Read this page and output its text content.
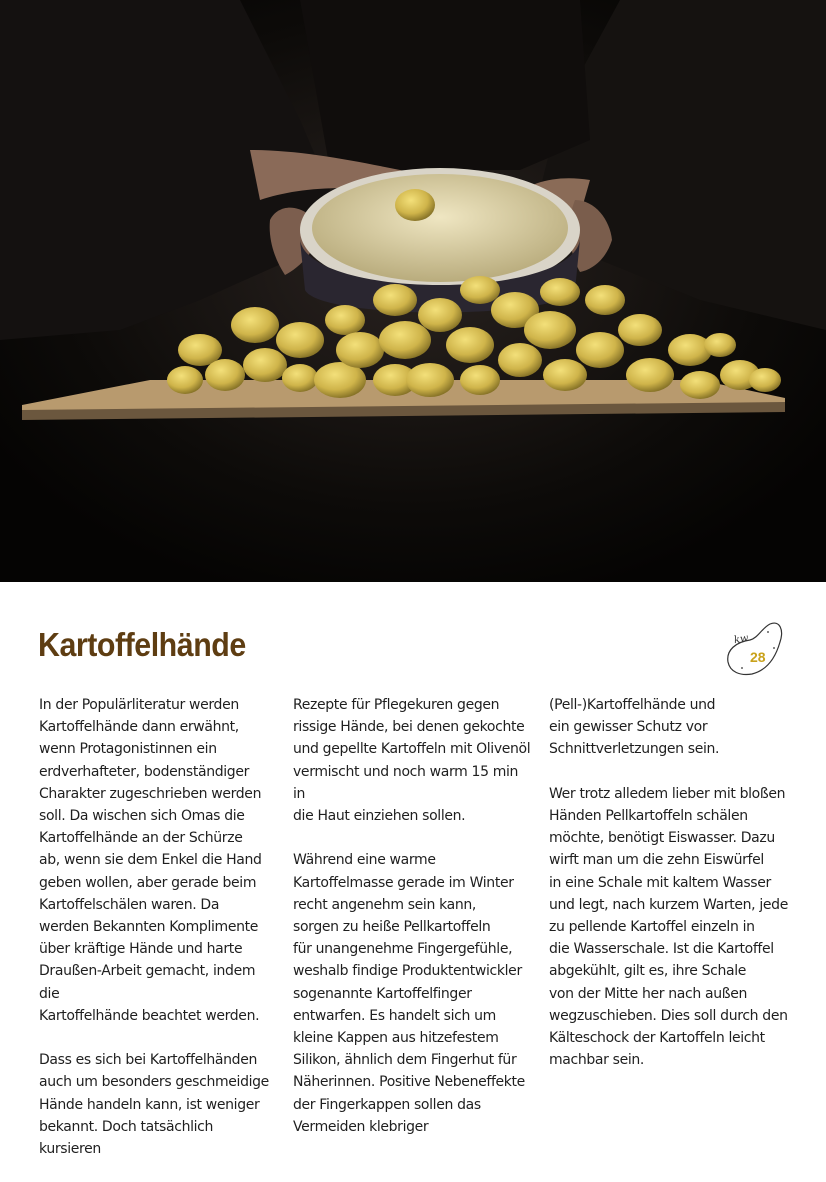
Kartoffelhände	kw
28

In der Populärliteratur werden
Kartoffelhände dann erwähnt,
wenn Protagonistinnen ein
erdverhafteter, bodenständiger
Charakter zugeschrieben werden
soll. Da wischen sich Omas die
Kartoffelhände an der Schürze
ab, wenn sie dem Enkel die Hand
geben wollen, aber gerade beim
Kartoffelschälen waren. Da
werden Bekannten Komplimente
über kräftige Hände und harte
Draußen-Arbeit gemacht, indem die
Kartoffelhände beachtet werden.

Dass es sich bei Kartoffelhänden
auch um besonders geschmeidige
Hände handeln kann, ist weniger
bekannt. Doch tatsächlich kursieren

Rezepte für Pflegekuren gegen
rissige Hände, bei denen gekochte
und gepellte Kartoffeln mit Olivenöl
vermischt und noch warm 15 min in
die Haut einziehen sollen.

Während eine warme
Kartoffelmasse gerade im Winter
recht angenehm sein kann,
sorgen zu heiße Pellkartoffeln
für unangenehme Fingergefühle,
weshalb findige Produktentwickler
sogenannte Kartoffelfinger
entwarfen. Es handelt sich um
kleine Kappen aus hitzefestem
Silikon, ähnlich dem Fingerhut für
Näherinnen. Positive Nebeneffekte
der Fingerkappen sollen das
Vermeiden klebriger

(Pell-)Kartoffelhände und
ein gewisser Schutz vor
Schnittverletzungen sein.

Wer trotz alledem lieber mit bloßen
Händen Pellkartoffeln schälen
möchte, benötigt Eiswasser. Dazu
wirft man um die zehn Eiswürfel
in eine Schale mit kaltem Wasser
und legt, nach kurzem Warten, jede
zu pellende Kartoffel einzeln in
die Wasserschale. Ist die Kartoffel
abgekühlt, gilt es, ihre Schale
von der Mitte her nach außen
wegzuschieben. Dies soll durch den
Kälteschock der Kartoffeln leicht
machbar sein.
